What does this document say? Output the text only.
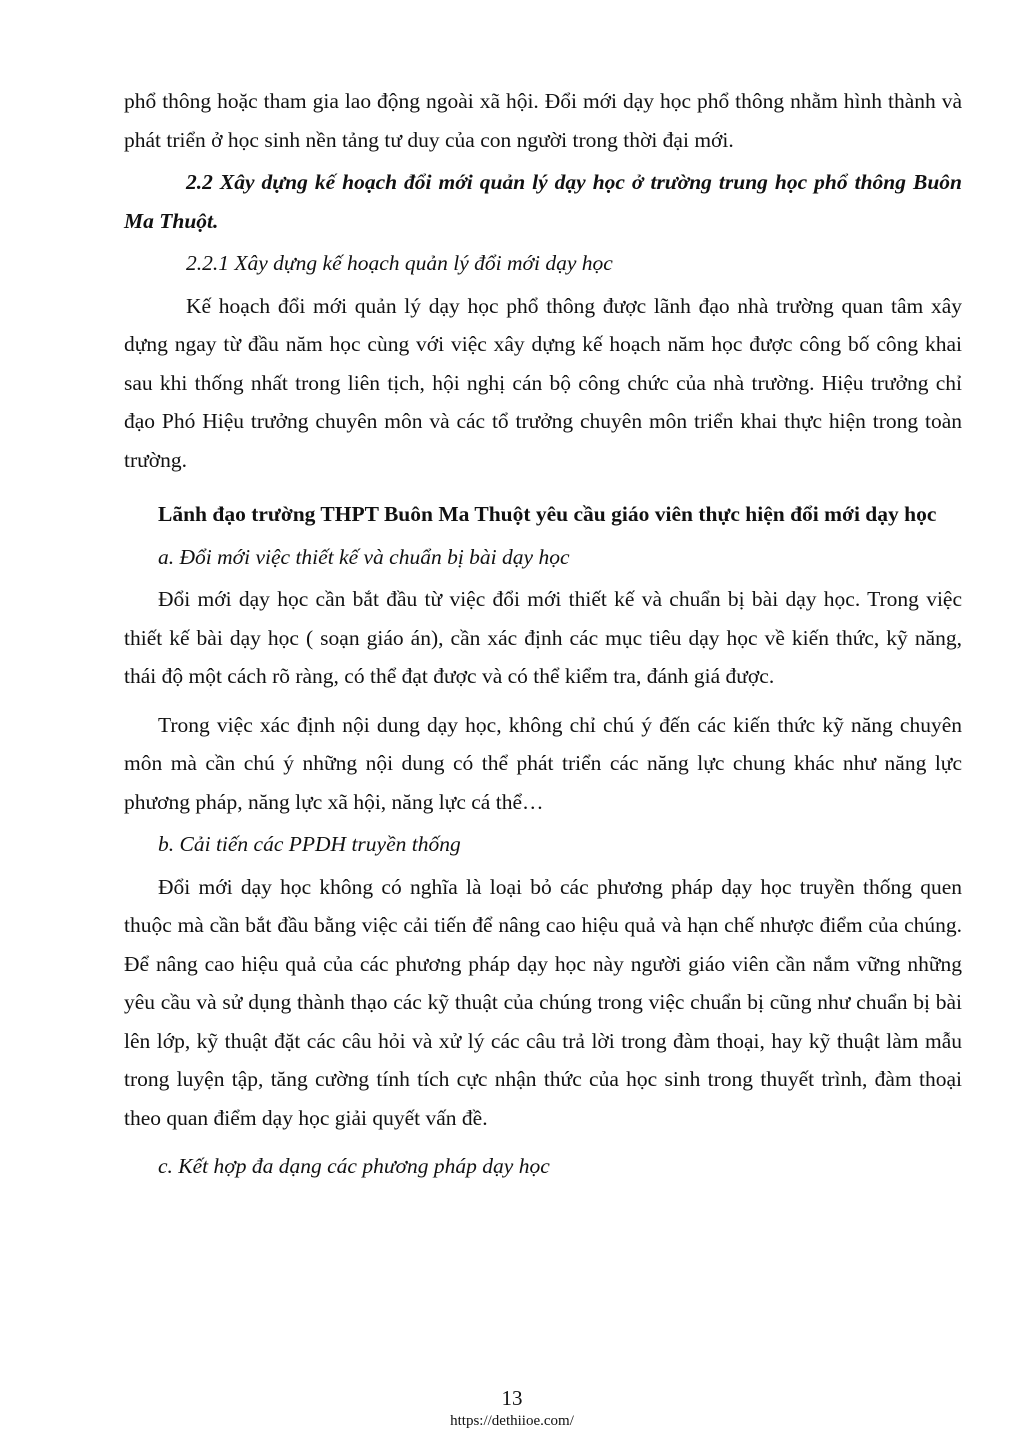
phổ thông hoặc tham gia lao động ngoài xã hội. Đổi mới dạy học phổ thông nhằm hình thành và phát triển ở học sinh nền tảng tư duy của con người trong thời đại mới.

2.2 Xây dựng kế hoạch đổi mới quản lý dạy học ở trường trung học phổ thông Buôn Ma Thuột.

2.2.1 Xây dựng kế hoạch quản lý đổi mới dạy học

Kế hoạch đổi mới quản lý dạy học phổ thông được lãnh đạo nhà trường quan tâm xây dựng ngay từ đầu năm học cùng với việc xây dựng kế hoạch năm học được công bố công khai sau khi thống nhất trong liên tịch, hội nghị cán bộ công chức của nhà trường. Hiệu trưởng chỉ đạo Phó Hiệu trưởng chuyên môn và các tổ trưởng chuyên môn triển khai thực hiện trong toàn trường.

Lãnh đạo trường THPT Buôn Ma Thuột yêu cầu giáo viên thực hiện đổi mới dạy học

a. Đổi mới việc thiết kế và chuẩn bị bài dạy học

Đổi mới dạy học cần bắt đầu từ việc đổi mới thiết kế và chuẩn bị bài dạy học. Trong việc thiết kế bài dạy học ( soạn giáo án), cần xác định các mục tiêu dạy học về kiến thức, kỹ năng, thái độ một cách rõ ràng, có thể đạt được và có thể kiểm tra, đánh giá được.

Trong việc xác định nội dung dạy học, không chỉ chú ý đến các kiến thức kỹ năng chuyên môn mà cần chú ý những nội dung có thể phát triển các năng lực chung khác như năng lực phương pháp, năng lực xã hội, năng lực cá thể…

b. Cải tiến các PPDH truyền thống

Đổi mới dạy học không có nghĩa là loại bỏ các phương pháp dạy học truyền thống quen thuộc mà cần bắt đầu bằng việc cải tiến để nâng cao hiệu quả và hạn chế nhược điểm của chúng. Để nâng cao hiệu quả của các phương pháp dạy học này người giáo viên cần nắm vững những yêu cầu và sử dụng thành thạo các kỹ thuật của chúng trong việc chuẩn bị cũng như chuẩn bị bài lên lớp, kỹ thuật đặt các câu hỏi và xử lý các câu trả lời trong đàm thoại, hay kỹ thuật làm mẫu trong luyện tập, tăng cường tính tích cực nhận thức của học sinh trong thuyết trình, đàm thoại theo quan điểm dạy học giải quyết vấn đề.

c. Kết hợp đa dạng các phương pháp dạy học

13
https://dethiioe.com/
